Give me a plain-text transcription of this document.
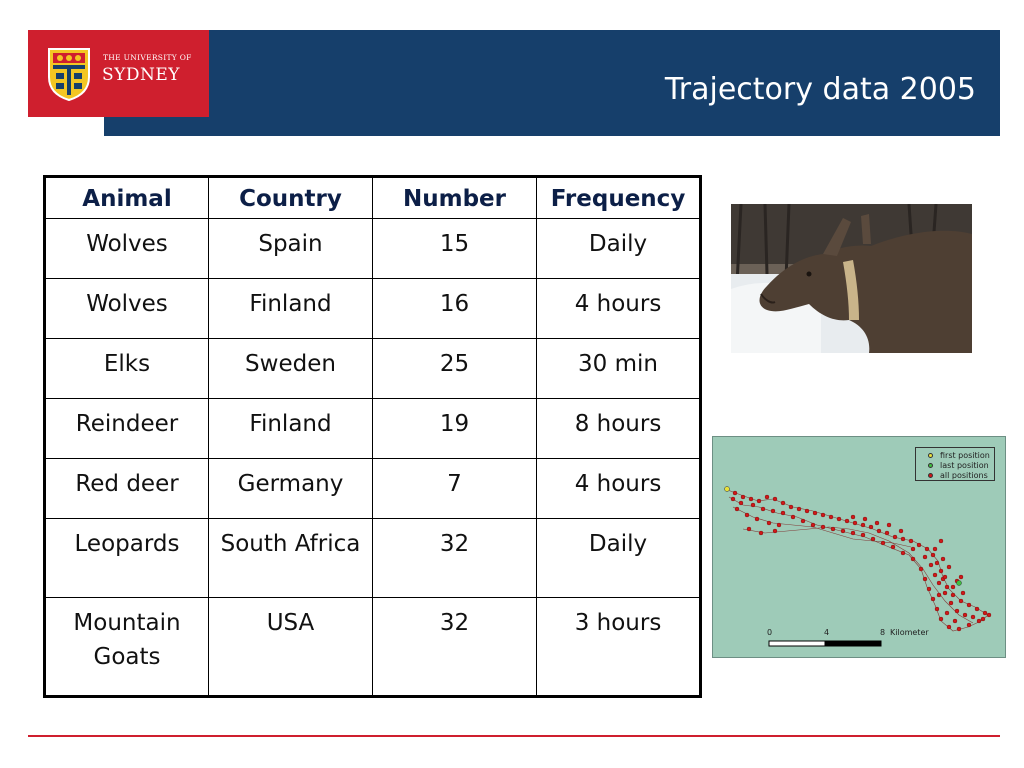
Trajectory data 2005
THE UNIVERSITY OF
SYDNEY
Animal	Country	Number	Frequency
Wolves	Spain	15	Daily
Wolves	Finland	16	4 hours
Elks	Sweden	25	30 min
Reindeer	Finland	19	8 hours
Red deer	Germany	7	4 hours
Leopards	South Africa	32	Daily
Mountain Goats	USA	32	3 hours
first position
last position
all positions
0	4	8 Kilometer
